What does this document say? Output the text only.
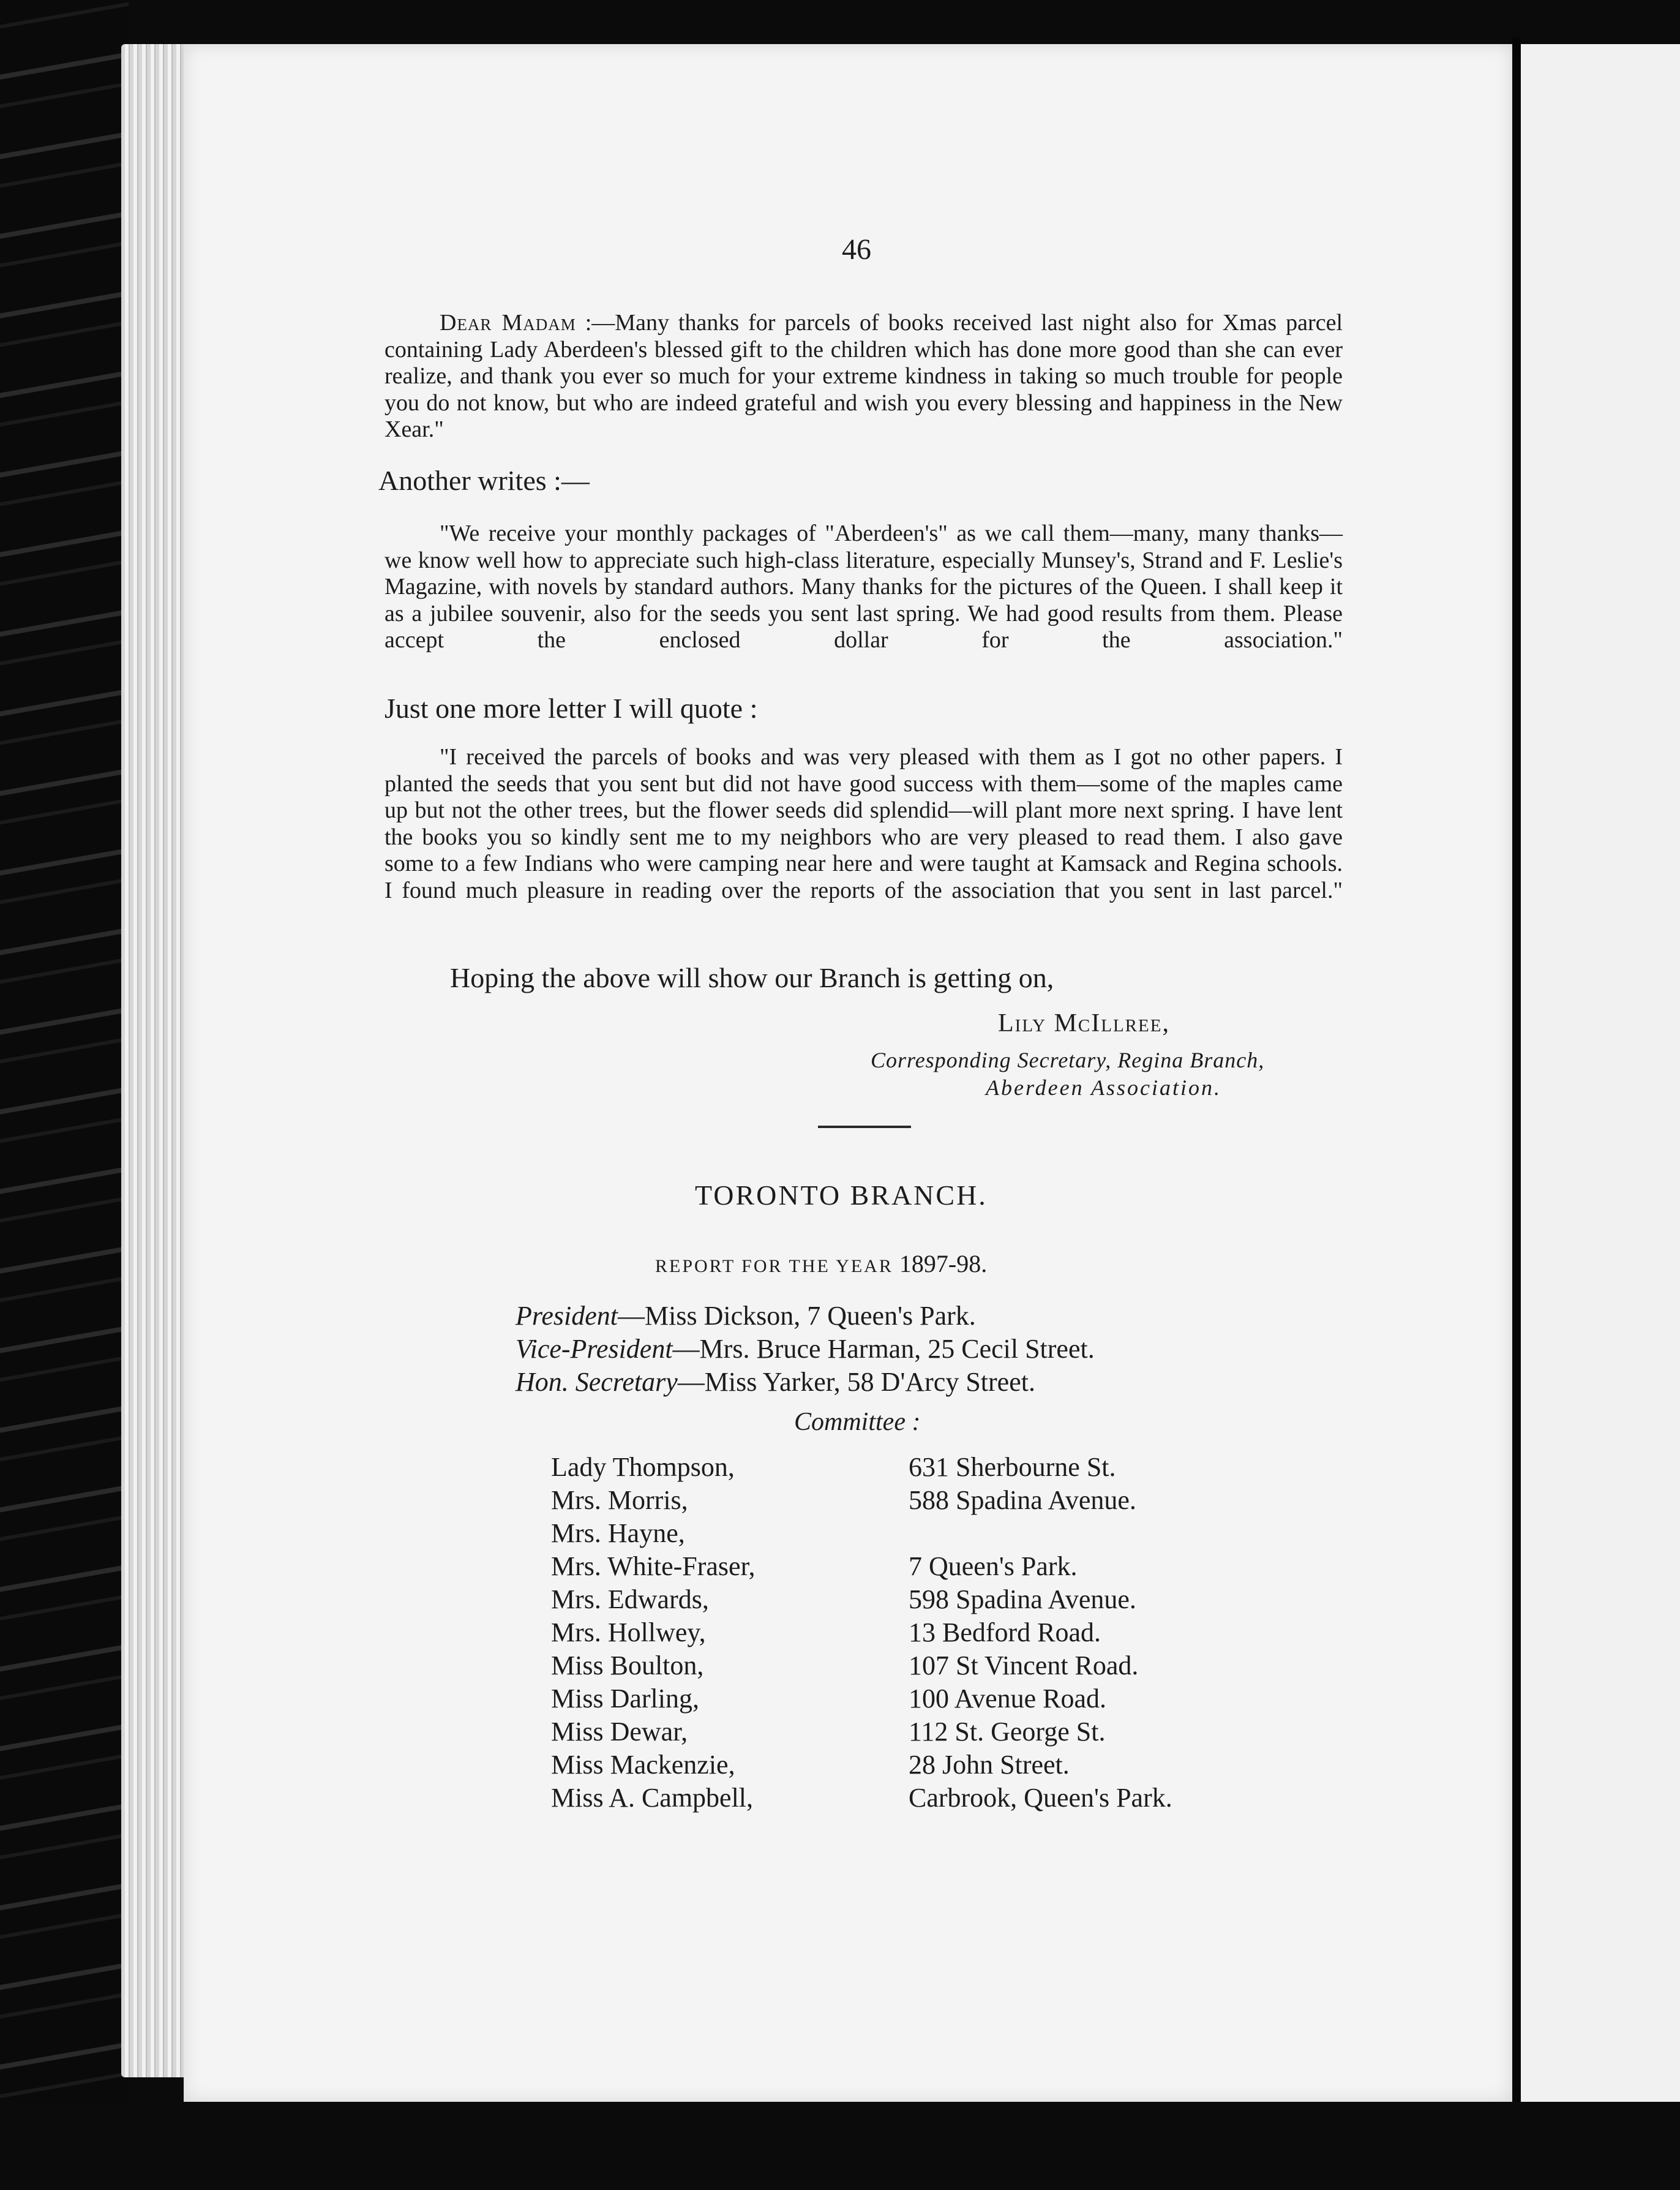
46
Dear Madam :—Many thanks for parcels of books received last night also for Xmas parcel containing Lady Aberdeen's blessed gift to the children which has done more good than she can ever realize, and thank you ever so much for your extreme kindness in taking so much trouble for people you do not know, but who are indeed grateful and wish you every blessing and happiness in the New Xear."
Another writes :—
"We receive your monthly packages of "Aberdeen's" as we call them—many, many thanks— we know well how to appreciate such high-class literature, especially Munsey's, Strand and F. Leslie's Magazine, with novels by standard authors. Many thanks for the pictures of the Queen. I shall keep it as a jubilee souvenir, also for the seeds you sent last spring. We had good results from them. Please accept the enclosed dollar for the association."
Just one more letter I will quote :
"I received the parcels of books and was very pleased with them as I got no other papers. I planted the seeds that you sent but did not have good success with them—some of the maples came up but not the other trees, but the flower seeds did splendid—will plant more next spring. I have lent the books you so kindly sent me to my neighbors who are very pleased to read them. I also gave some to a few Indians who were camping near here and were taught at Kamsack and Regina schools. I found much pleasure in reading over the reports of the association that you sent in last parcel."
Hoping the above will show our Branch is getting on,
Lily McIllree,
Corresponding Secretary, Regina Branch,
Aberdeen Association.
TORONTO BRANCH.
REPORT FOR THE YEAR 1897-98.
President—Miss Dickson, 7 Queen's Park.
Vice-President—Mrs. Bruce Harman, 25 Cecil Street.
Hon. Secretary—Miss Yarker, 58 D'Arcy Street.
Committee :
Lady Thompson,	631 Sherbourne St.
Mrs. Morris,	588 Spadina Avenue.
Mrs. Hayne,
Mrs. White-Fraser,	7 Queen's Park.
Mrs. Edwards,	598 Spadina Avenue.
Mrs. Hollwey,	13 Bedford Road.
Miss Boulton,	107 St Vincent Road.
Miss Darling,	100 Avenue Road.
Miss Dewar,	112 St. George St.
Miss Mackenzie,	28 John Street.
Miss A. Campbell,	Carbrook, Queen's Park.
